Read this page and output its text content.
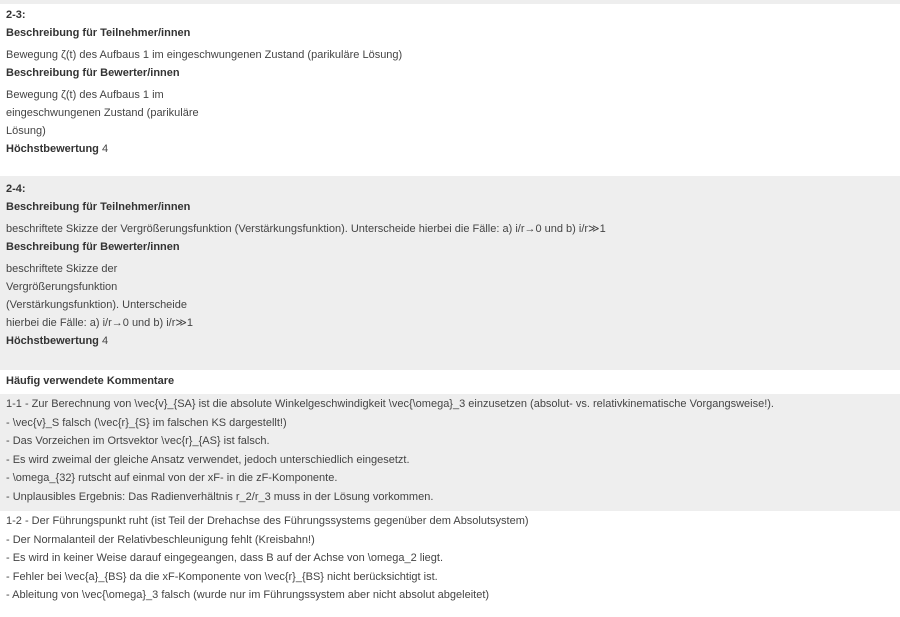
2-3:
Beschreibung für Teilnehmer/innen
Bewegung ζ(t) des Aufbaus 1 im eingeschwungenen Zustand (parikuläre Lösung)
Beschreibung für Bewerter/innen
Bewegung ζ(t) des Aufbaus 1 im
eingeschwungenen Zustand (parikuläre
Lösung)
Höchstbewertung 4
2-4:
Beschreibung für Teilnehmer/innen
beschriftete Skizze der Vergrößerungsfunktion (Verstärkungsfunktion). Unterscheide hierbei die Fälle: a) i/r→0 und b) i/r≫1
Beschreibung für Bewerter/innen
beschriftete Skizze der
Vergrößerungsfunktion
(Verstärkungsfunktion). Unterscheide
hierbei die Fälle: a) i/r→0 und b) i/r≫1
Höchstbewertung 4
Häufig verwendete Kommentare
1-1 - Zur Berechnung von \vec{v}_{SA} ist die absolute Winkelgeschwindigkeit \vec{\omega}_3 einzusetzen (absolut- vs. relativkinematische Vorgangsweise!).
- \vec{v}_S falsch (\vec{r}_{S} im falschen KS dargestellt!)
- Das Vorzeichen im Ortsvektor \vec{r}_{AS} ist falsch.
- Es wird zweimal der gleiche Ansatz verwendet, jedoch unterschiedlich eingesetzt.
- \omega_{32} rutscht auf einmal von der xF- in die zF-Komponente.
- Unplausibles Ergebnis: Das Radienverhältnis r_2/r_3 muss in der Lösung vorkommen.
1-2 - Der Führungspunkt ruht (ist Teil der Drehachse des Führungssystems gegenüber dem Absolutsystem)
- Der Normalanteil der Relativbeschleunigung fehlt (Kreisbahn!)
- Es wird in keiner Weise darauf eingegeangen, dass B auf der Achse von \omega_2 liegt.
- Fehler bei \vec{a}_{BS} da die xF-Komponente von \vec{r}_{BS} nicht berücksichtigt ist.
- Ableitung von \vec{\omega}_3 falsch (wurde nur im Führungssystem aber nicht absolut abgeleitet)
